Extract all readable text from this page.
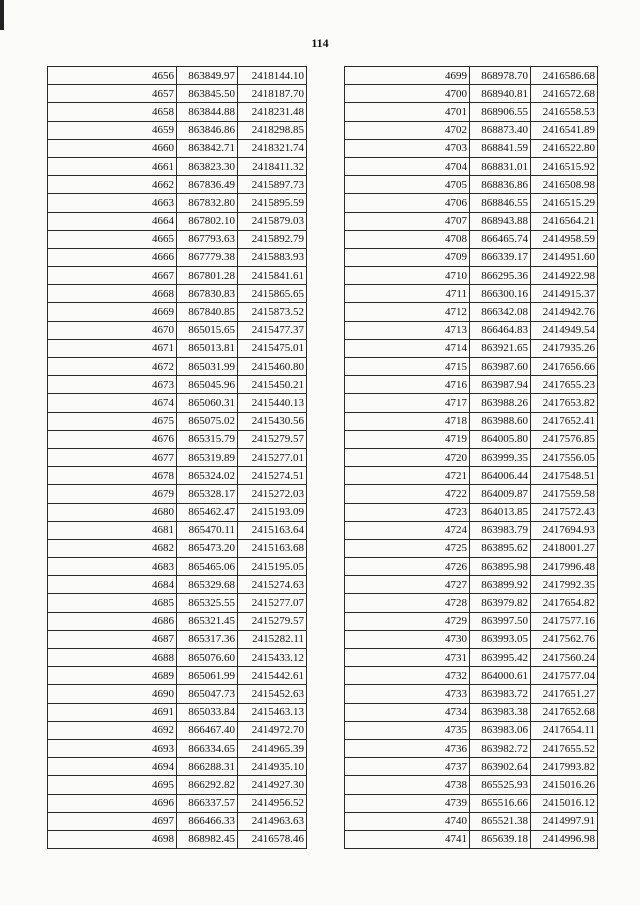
114
4656	863849.97	2418144.10
4657	863845.50	2418187.70
4658	863844.88	2418231.48
4659	863846.86	2418298.85
4660	863842.71	2418321.74
4661	863823.30	2418411.32
4662	867836.49	2415897.73
4663	867832.80	2415895.59
4664	867802.10	2415879.03
4665	867793.63	2415892.79
4666	867779.38	2415883.93
4667	867801.28	2415841.61
4668	867830.83	2415865.65
4669	867840.85	2415873.52
4670	865015.65	2415477.37
4671	865013.81	2415475.01
4672	865031.99	2415460.80
4673	865045.96	2415450.21
4674	865060.31	2415440.13
4675	865075.02	2415430.56
4676	865315.79	2415279.57
4677	865319.89	2415277.01
4678	865324.02	2415274.51
4679	865328.17	2415272.03
4680	865462.47	2415193.09
4681	865470.11	2415163.64
4682	865473.20	2415163.68
4683	865465.06	2415195.05
4684	865329.68	2415274.63
4685	865325.55	2415277.07
4686	865321.45	2415279.57
4687	865317.36	2415282.11
4688	865076.60	2415433.12
4689	865061.99	2415442.61
4690	865047.73	2415452.63
4691	865033.84	2415463.13
4692	866467.40	2414972.70
4693	866334.65	2414965.39
4694	866288.31	2414935.10
4695	866292.82	2414927.30
4696	866337.57	2414956.52
4697	866466.33	2414963.63
4698	868982.45	2416578.46
4699	868978.70	2416586.68
4700	868940.81	2416572.68
4701	868906.55	2416558.53
4702	868873.40	2416541.89
4703	868841.59	2416522.80
4704	868831.01	2416515.92
4705	868836.86	2416508.98
4706	868846.55	2416515.29
4707	868943.88	2416564.21
4708	866465.74	2414958.59
4709	866339.17	2414951.60
4710	866295.36	2414922.98
4711	866300.16	2414915.37
4712	866342.08	2414942.76
4713	866464.83	2414949.54
4714	863921.65	2417935.26
4715	863987.60	2417656.66
4716	863987.94	2417655.23
4717	863988.26	2417653.82
4718	863988.60	2417652.41
4719	864005.80	2417576.85
4720	863999.35	2417556.05
4721	864006.44	2417548.51
4722	864009.87	2417559.58
4723	864013.85	2417572.43
4724	863983.79	2417694.93
4725	863895.62	2418001.27
4726	863895.98	2417996.48
4727	863899.92	2417992.35
4728	863979.82	2417654.82
4729	863997.50	2417577.16
4730	863993.05	2417562.76
4731	863995.42	2417560.24
4732	864000.61	2417577.04
4733	863983.72	2417651.27
4734	863983.38	2417652.68
4735	863983.06	2417654.11
4736	863982.72	2417655.52
4737	863902.64	2417993.82
4738	865525.93	2415016.26
4739	865516.66	2415016.12
4740	865521.38	2414997.91
4741	865639.18	2414996.98
